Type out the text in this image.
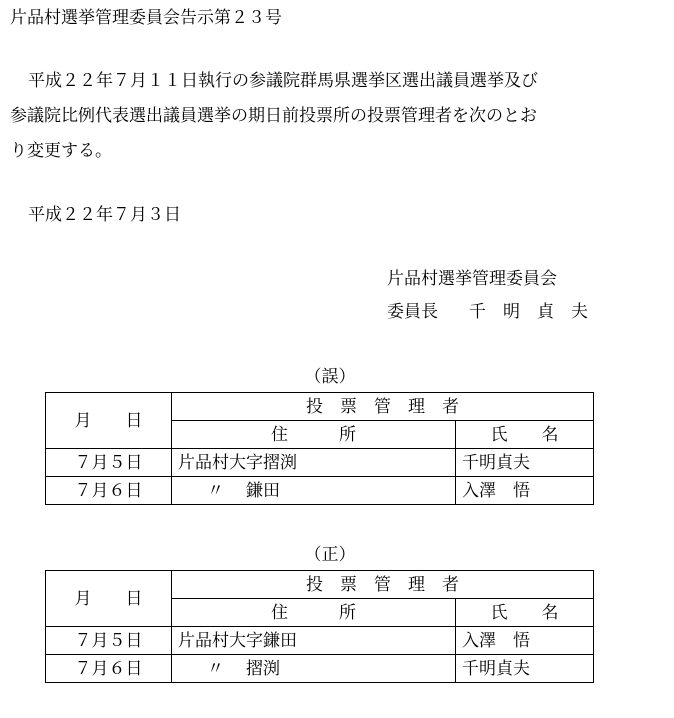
片品村選挙管理委員会告示第２３号
平成２２年７月１１日執行の参議院群馬県選挙区選出議員選挙及び
参議院比例代表選出議員選挙の期日前投票所の投票管理者を次のとお
り変更する。
平成２２年７月３日
片品村選挙管理委員会
委員長 千　明　貞　夫
（誤）
月　　日	投　票　管　理　者	
	住　　　所	氏　　名
７月５日	片品村大字摺渕	千明貞夫
７月６日	〃 鎌田	入澤　悟
（正）
月　　日	投　票　管　理　者	
	住　　　所	氏　　名
７月５日	片品村大字鎌田	入澤　悟
７月６日	〃 摺渕	千明貞夫
